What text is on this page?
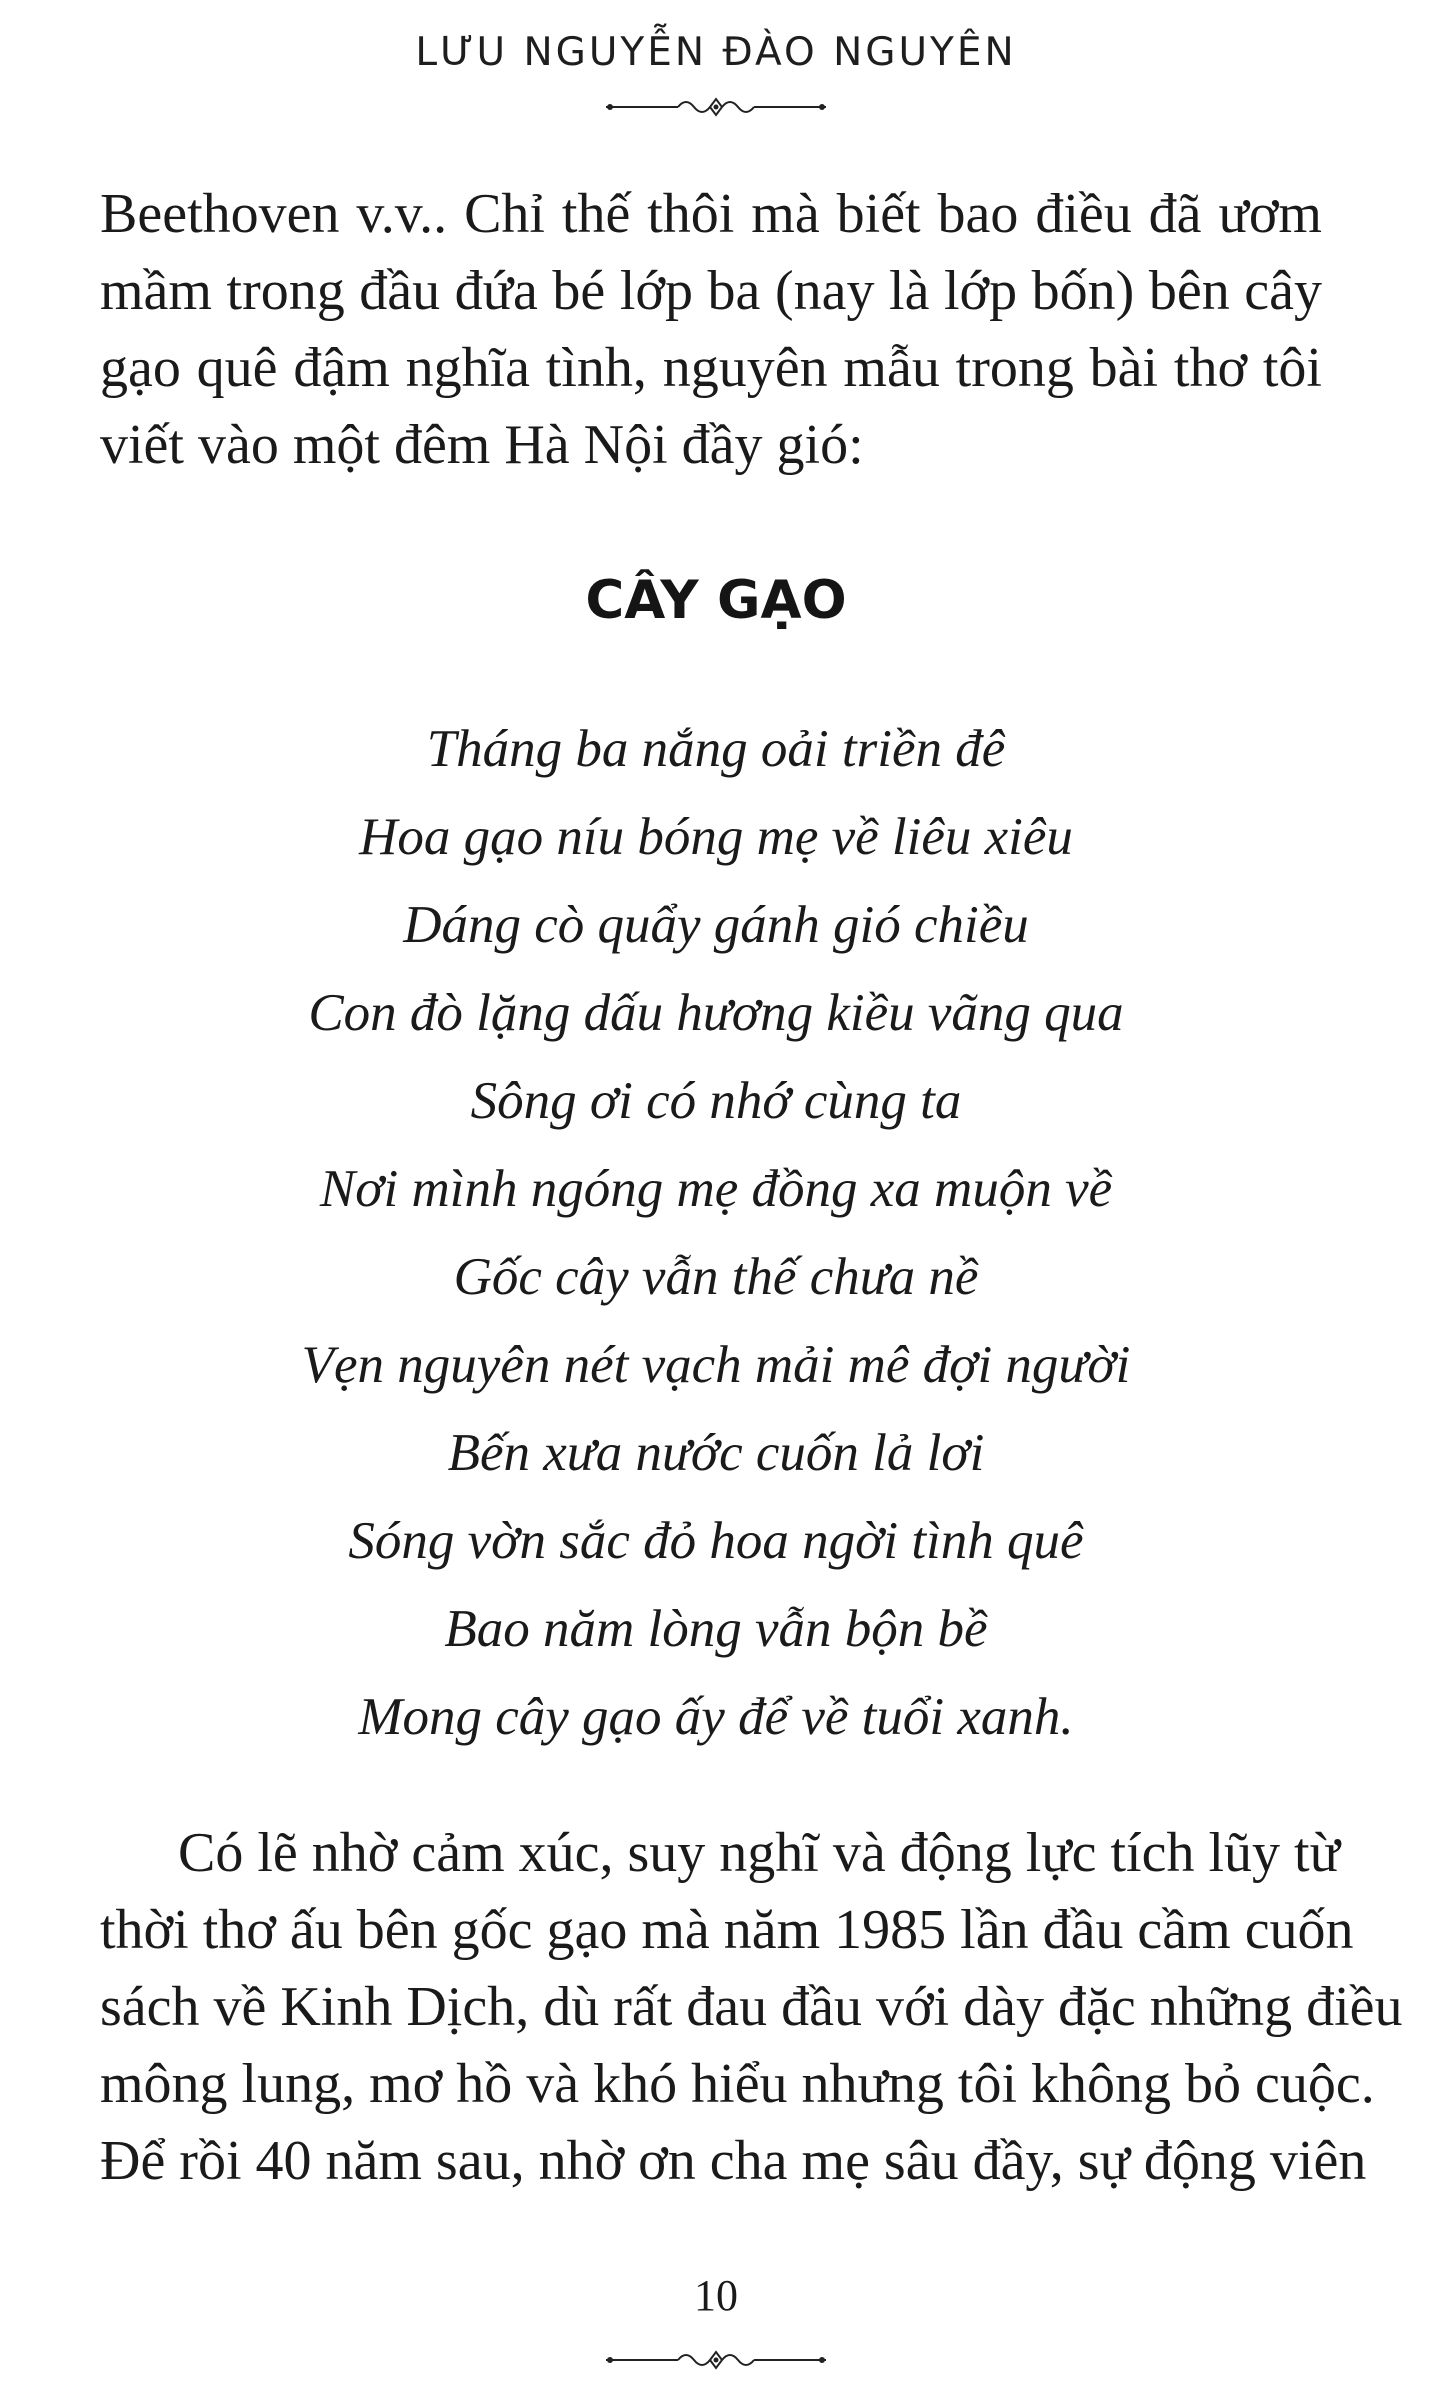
LƯU NGUYỄN ĐÀO NGUYÊN
Beethoven v.v.. Chỉ thế thôi mà biết bao điều đã ươm
mầm trong đầu đứa bé lớp ba (nay là lớp bốn) bên cây
gạo quê đậm nghĩa tình, nguyên mẫu trong bài thơ tôi
viết vào một đêm Hà Nội đầy gió:
CÂY GẠO
Tháng ba nắng oải triền đê
Hoa gạo níu bóng mẹ về liêu xiêu
Dáng cò quẩy gánh gió chiều
Con đò lặng dấu hương kiều vãng qua
Sông ơi có nhớ cùng ta
Nơi mình ngóng mẹ đồng xa muộn về
Gốc cây vẫn thế chưa nề
Vẹn nguyên nét vạch mải mê đợi người
Bến xưa nước cuốn lả lơi
Sóng vờn sắc đỏ hoa ngời tình quê
Bao năm lòng vẫn bộn bề
Mong cây gạo ấy để về tuổi xanh.
Có lẽ nhờ cảm xúc, suy nghĩ và động lực tích lũy từ
thời thơ ấu bên gốc gạo mà năm 1985 lần đầu cầm cuốn
sách về Kinh Dịch, dù rất đau đầu với dày đặc những điều
mông lung, mơ hồ và khó hiểu nhưng tôi không bỏ cuộc.
Để rồi 40 năm sau, nhờ ơn cha mẹ sâu đầy, sự động viên
10
